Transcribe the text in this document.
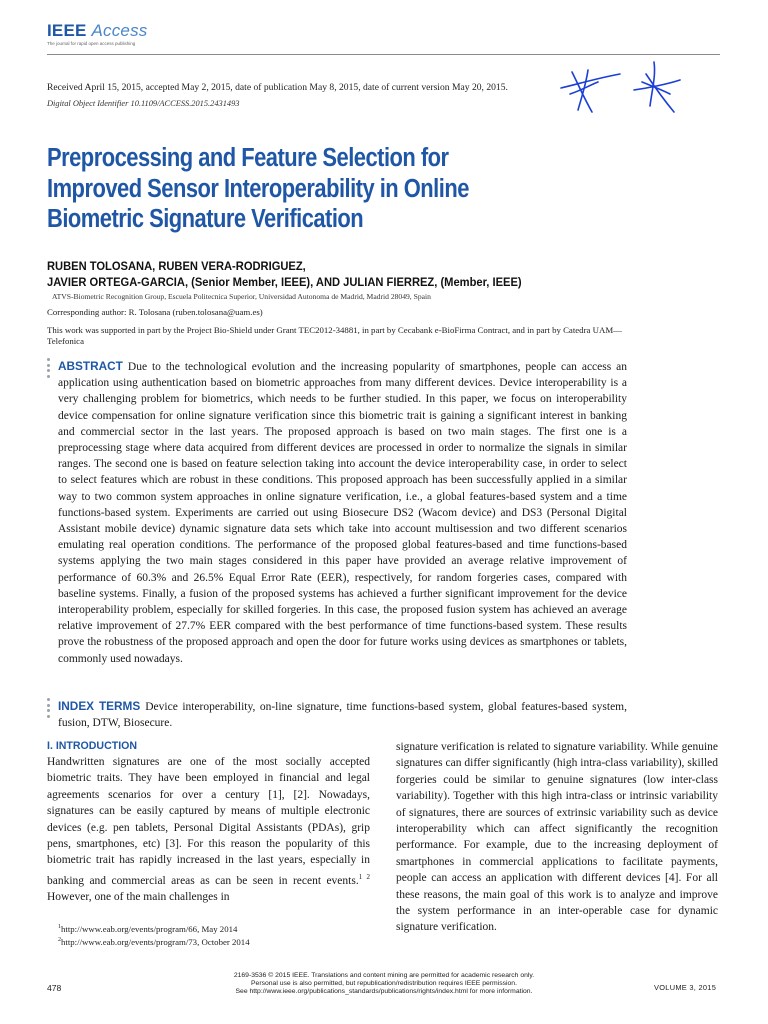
IEEE Access
The journal for rapid open access publishing
Received April 15, 2015, accepted May 2, 2015, date of publication May 8, 2015, date of current version May 20, 2015.
Digital Object Identifier 10.1109/ACCESS.2015.2431493
Preprocessing and Feature Selection for
Improved Sensor Interoperability in Online
Biometric Signature Verification
RUBEN TOLOSANA, RUBEN VERA-RODRIGUEZ,
JAVIER ORTEGA-GARCIA, (Senior Member, IEEE), AND JULIAN FIERREZ, (Member, IEEE)
ATVS-Biometric Recognition Group, Escuela Politecnica Superior, Universidad Autonoma de Madrid, Madrid 28049, Spain
Corresponding author: R. Tolosana (ruben.tolosana@uam.es)
This work was supported in part by the Project Bio-Shield under Grant TEC2012-34881, in part by Cecabank e-BioFirma Contract, and in part by Catedra UAM—Telefonica
ABSTRACT Due to the technological evolution and the increasing popularity of smartphones, people can access an application using authentication based on biometric approaches from many different devices. Device interoperability is a very challenging problem for biometrics, which needs to be further studied. In this paper, we focus on interoperability device compensation for online signature verification since this biometric trait is gaining a significant interest in banking and commercial sector in the last years. The proposed approach is based on two main stages. The first one is a preprocessing stage where data acquired from different devices are processed in order to normalize the signals in similar ranges. The second one is based on feature selection taking into account the device interoperability case, in order to select to select features which are robust in these conditions. This proposed approach has been successfully applied in a similar way to two common system approaches in online signature verification, i.e., a global features-based system and a time functions-based system. Experiments are carried out using Biosecure DS2 (Wacom device) and DS3 (Personal Digital Assistant mobile device) dynamic signature data sets which take into account multisession and two different scenarios emulating real operation conditions. The performance of the proposed global features-based and time functions-based systems applying the two main stages considered in this paper have provided an average relative improvement of performance of 60.3% and 26.5% Equal Error Rate (EER), respectively, for random forgeries cases, compared with baseline systems. Finally, a fusion of the proposed systems has achieved a further significant improvement for the device interoperability problem, especially for skilled forgeries. In this case, the proposed fusion system has achieved an average relative improvement of 27.7% EER compared with the best performance of time functions-based system. These results prove the robustness of the proposed approach and open the door for future works using devices as smartphones or tablets, commonly used nowadays.
INDEX TERMS Device interoperability, on-line signature, time functions-based system, global features-based system, fusion, DTW, Biosecure.
I. INTRODUCTION
Handwritten signatures are one of the most socially accepted biometric traits. They have been employed in financial and legal agreements scenarios for over a century [1], [2]. Nowadays, signatures can be easily captured by means of multiple electronic devices (e.g. pen tablets, Personal Digital Assistants (PDAs), grip pens, smartphones, etc) [3]. For this reason the popularity of this biometric trait has rapidly increased in the last years, especially in banking and commercial areas as can be seen in recent events.$^{1 2}$ However, one of the main challenges in
signature verification is related to signature variability. While genuine signatures can differ significantly (high intra-class variability), skilled forgeries could be similar to genuine signatures (low inter-class variability). Together with this high intra-class or intrinsic variability of signatures, there are sources of extrinsic variability such as device interoperability which can affect significantly the recognition performance. For example, due to the increasing deployment of smartphones in commercial applications to facilitate payments, people can access an application with different devices [4]. For all these reasons, the main goal of this work is to analyze and improve the system performance in an inter-operable case for dynamic signature verification.
$^1$http://www.eab.org/events/program/66, May 2014
$^2$http://www.eab.org/events/program/73, October 2014
2169-3536 © 2015 IEEE. Translations and content mining are permitted for academic research only.
Personal use is also permitted, but republication/redistribution requires IEEE permission.
See http://www.ieee.org/publications_standards/publications/rights/index.html for more information.
478	VOLUME 3, 2015
